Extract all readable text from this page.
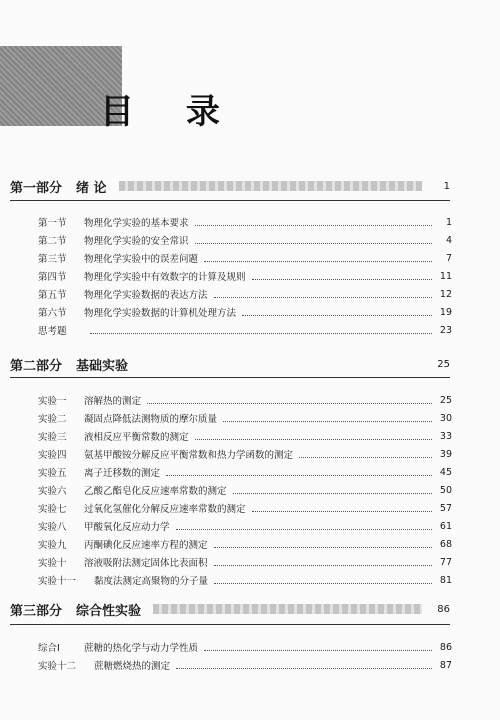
目 录
第一部分 绪 论	1
第一节	物理化学实验的基本要求	1
第二节	物理化学实验的安全常识	4
第三节	物理化学实验中的误差问题	7
第四节	物理化学实验中有效数字的计算及规则	11
第五节	物理化学实验数据的表达方法	12
第六节	物理化学实验数据的计算机处理方法	19
思考题	23
第二部分 基础实验	25
实验一	溶解热的测定	25
实验二	凝固点降低法测物质的摩尔质量	30
实验三	液相反应平衡常数的测定	33
实验四	氨基甲酸铵分解反应平衡常数和热力学函数的测定	39
实验五	离子迁移数的测定	45
实验六	乙酸乙酯皂化反应速率常数的测定	50
实验七	过氧化氢催化分解反应速率常数的测定	57
实验八	甲酸氧化反应动力学	61
实验九	丙酮碘化反应速率方程的测定	68
实验十	溶液吸附法测定固体比表面积	77
实验十一	黏度法测定高聚物的分子量	81
第三部分 综合性实验	86
综合Ⅰ	蔗糖的热化学与动力学性质	86
实验十二	蔗糖燃烧热的测定	87
